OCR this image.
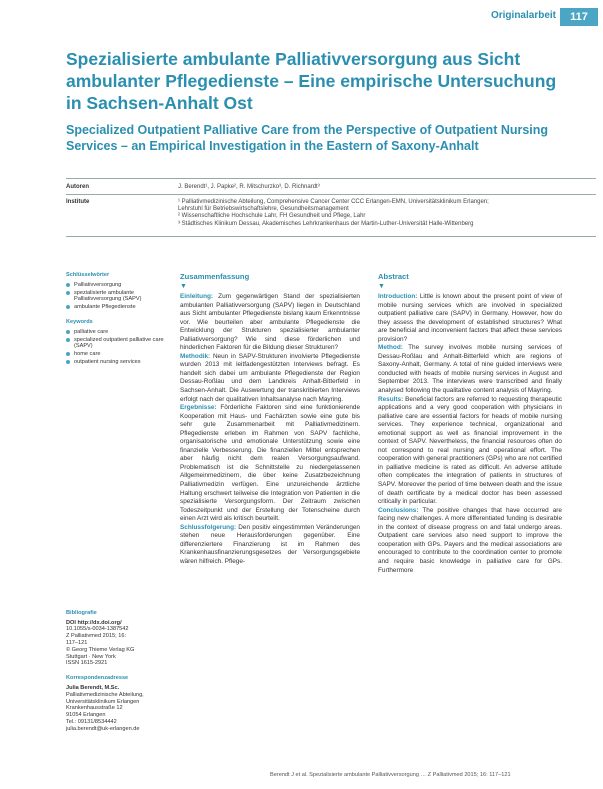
Originalarbeit	117
Spezialisierte ambulante Palliativversorgung aus Sicht ambulanter Pflegedienste – Eine empirische Untersuchung in Sachsen-Anhalt Ost
Specialized Outpatient Palliative Care from the Perspective of Outpatient Nursing Services – an Empirical Investigation in the Eastern of Saxony-Anhalt
Autoren	J. Berendt¹, J. Papke², R. Mitschurzko³, D. Richnardt³
Institute	¹ Palliativmedizinische Abteilung, Comprehensive Cancer Center CCC Erlangen-EMN, Universitätsklinikum Erlangen;
Lehrstuhl für Betriebswirtschaftslehre, Gesundheitsmanagement
² Wissenschaftliche Hochschule Lahr, FH Gesundheit und Pflege, Lahr
³ Städtisches Klinikum Dessau, Akademisches Lehrkrankenhaus der Martin-Luther-Universität Halle-Wittenberg
Schlüsselwörter
Palliativversorgung
spezialisierte ambulante Palliativversorgung (SAPV)
ambulante Pflegedienste
Keywords
palliative care
specialized outpatient palliative care (SAPV)
home care
outpatient nursing services
Bibliografie
DOI http://dx.doi.org/
10.1055/s-0034-1387542
Z Palliativmed 2015; 16:
117–121
© Georg Thieme Verlag KG
Stuttgart · New York
ISSN 1615-2921
Korrespondenzadresse
Julia Berendt, M.Sc.
Palliativmedizinische Abteilung,
Universitätsklinikum Erlangen
Krankenhausstraße 12
91054 Erlangen
Tel.: 09131/8534442
julia.berendt@uk-erlangen.de
Zusammenfassung
▼

Einleitung: Zum gegenwärtigen Stand der spezialisierten ambulanten Palliativversorgung (SAPV) liegen in Deutschland aus Sicht ambulanter Pflegedienste bislang kaum Erkenntnisse vor. Wie beurteilen aber ambulante Pflegedienste die Entwicklung der Strukturen spezialisierter ambulanter Palliativversorgung? Wie sind diese förderlichen und hinderlichen Faktoren für die Bildung dieser Strukturen?

Methodik: Neun in SAPV-Strukturen involvierte Pflegedienste wurden 2013 mit leitfadengestützten Interviews befragt. Es handelt sich dabei um ambulante Pflegedienste der Region Dessau-Roßlau und dem Landkreis Anhalt-Bitterfeld in Sachsen-Anhalt. Die Auswertung der transkribierten Interviews erfolgt nach der qualitativen Inhaltsanalyse nach Mayring.

Ergebnisse: Förderliche Faktoren sind eine funktionierende Kooperation mit Haus- und Fachärzten sowie eine gute bis sehr gute Zusammenarbeit mit Palliativmedizinern. Pflegedienste erleben im Rahmen von SAPV fachliche, organisatorische und emotionale Unterstützung sowie eine finanzielle Verbesserung. Die finanziellen Mittel entsprechen aber häufig nicht dem realen Versorgungsaufwand. Problematisch ist die Schnittstelle zu niedergelassenen Allgemeinmedizinern, die über keine Zusatzbezeichnung Palliativmedizin verfügen. Eine unzureichende ärztliche Haltung erschwert teilweise die Integration von Patienten in die spezialisierte Versorgungsform. Der Zeitraum zwischen Todeszeitpunkt und der Erstellung der Totenscheine durch einen Arzt wird als kritisch beurteilt.

Schlussfolgerung: Den positiv eingestimmten Veränderungen stehen neue Herausforderungen gegenüber. Eine differenziertere Finanzierung ist im Rahmen des Krankenhausfinanzierungsgesetzes der Versorgungsgebiete wären hilfreich. Pflege-

Abstract
▼

Introduction: Little is known about the present point of view of mobile nursing services which are involved in specialized outpatient palliative care (SAPV) in Germany. However, how do they assess the development of established structures? What are beneficial and inconvenient factors that affect these services provision?

Method: The survey involves mobile nursing services of Dessau-Roßlau and Anhalt-Bitterfeld which are regions of Saxony-Anhalt, Germany. A total of nine guided interviews were conducted with heads of mobile nursing services in August and September 2013. The interviews were transcribed and finally analysed following the qualitative content analysis of Mayring.

Results: Beneficial factors are referred to requesting therapeutic applications and a very good cooperation with physicians in palliative care are essential factors for heads of mobile nursing services. They experience technical, organizational and emotional support as well as financial improvement in the context of SAPV. Nevertheless, the financial resources often do not correspond to real nursing and operational effort. The cooperation with general practitioners (GPs) who are not certified in palliative medicine is rated as difficult. An adverse attitude often complicates the integration of patients in structures of SAPV. Moreover the period of time between death and the issue of death certificate by a medical doctor has been assessed critically in particular.

Conclusions: The positive changes that have occurred are facing new challenges. A more differentiated funding is desirable in the context of disease progress on and fatal undergo areas. Outpatient care services also need support to improve the cooperation with GPs. Payers and the medical associations are encouraged to contribute to the coordination center to promote and require basic knowledge in palliative care for GPs. Furthermore

Berendt J et al. Spezialisierte ambulante Palliativversorgung … Z Palliativmed 2015; 16: 117–121
